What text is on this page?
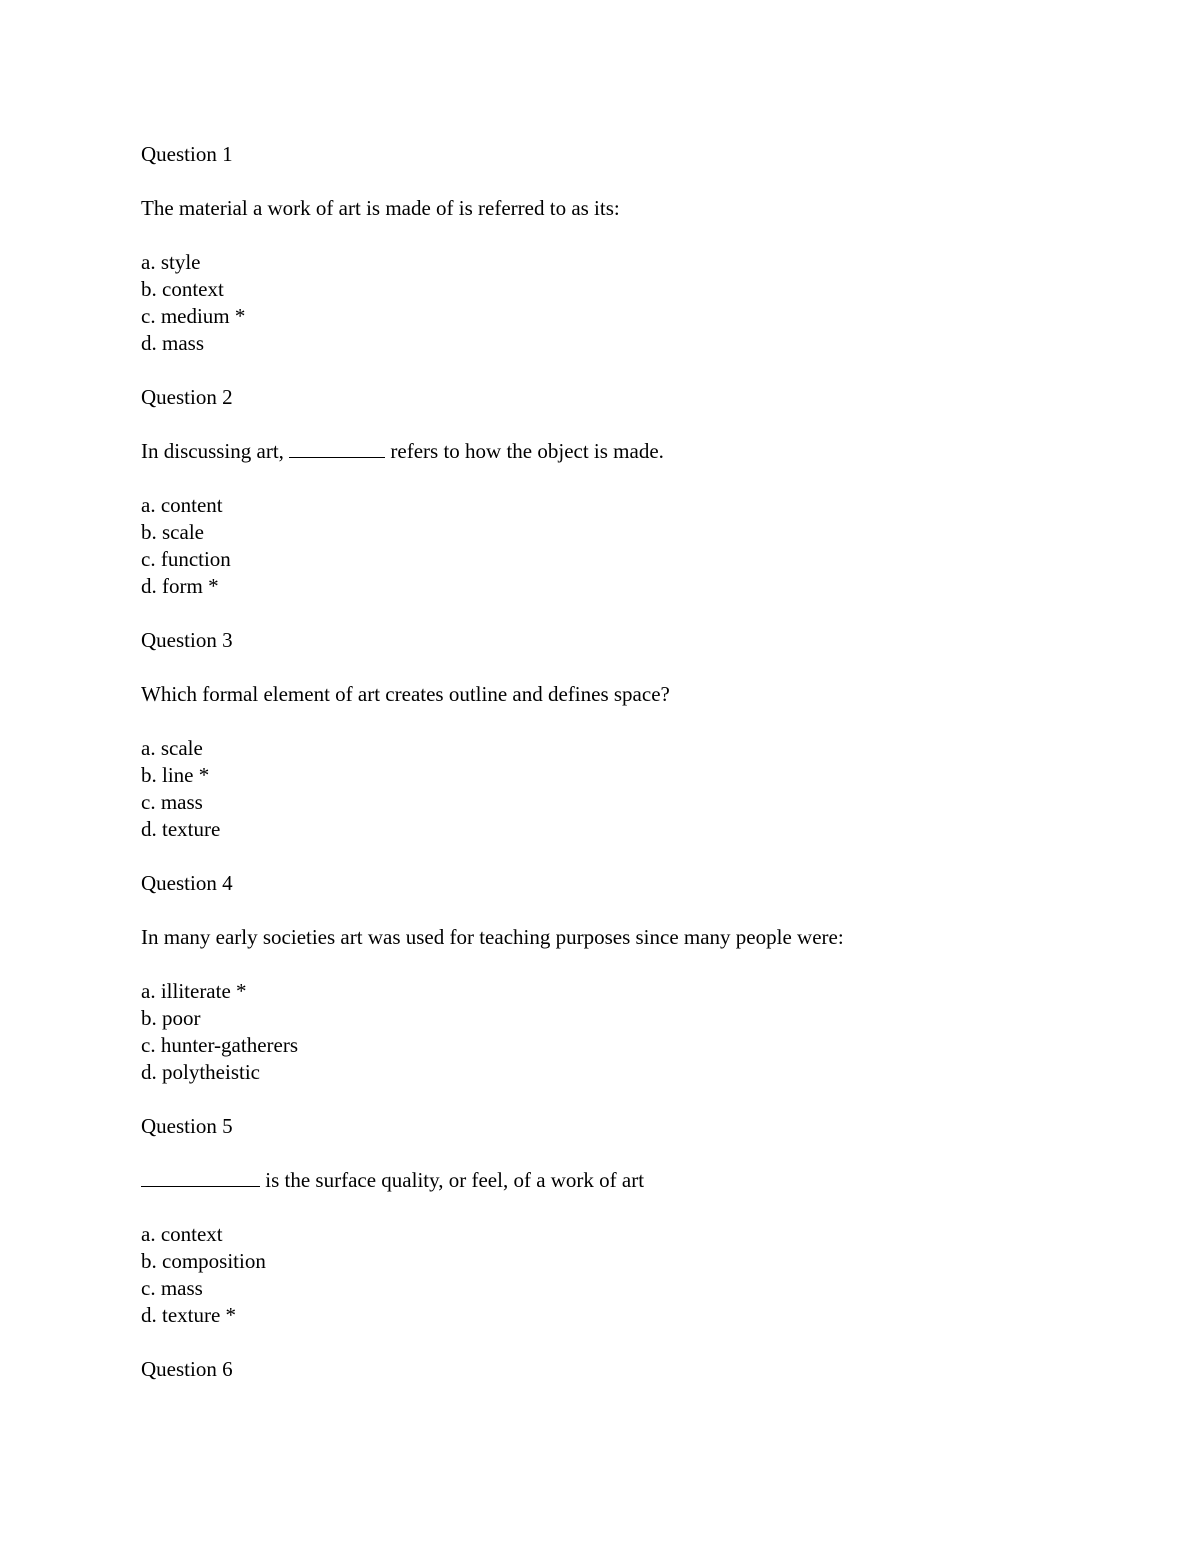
Question 1

The material a work of art is made of is referred to as its:

a. style

b. context

c. medium *

d. mass

Question 2

In discussing art,	refers to how the object is made.

a. content

b. scale

c. function

d. form *

Question 3

Which formal element of art creates outline and defines space?

a. scale

b. line *

c. mass

d. texture

Question 4

In many early societies art was used for teaching purposes since many people were:

a. illiterate *

b. poor

c. hunter-gatherers

d. polytheistic

Question 5

is the surface quality, or feel, of a work of art

a. context

b. composition

c. mass

d. texture *

Question 6
